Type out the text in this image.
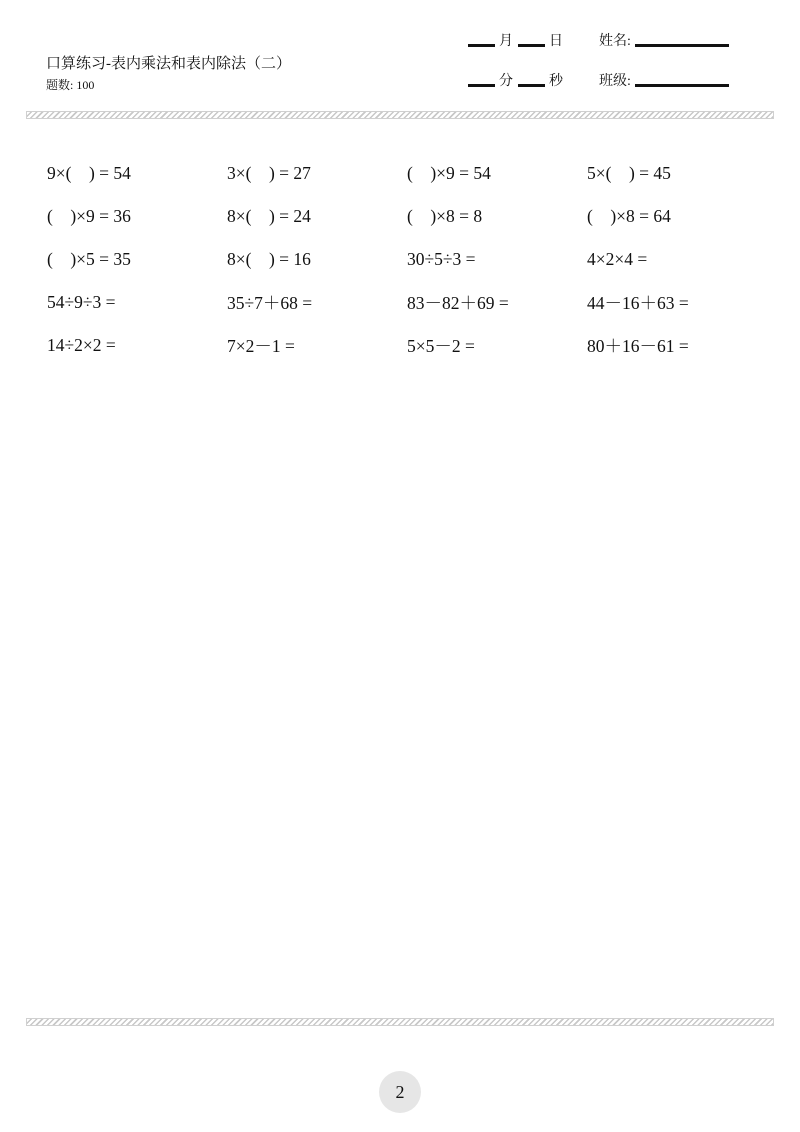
口算练习-表内乘法和表内除法（二）
题数: 100
月	日	姓名:
分	秒	班级:
9×(    ) = 54	3×(    ) = 27	(    )×9 = 54	5×(    ) = 45
(    )×9 = 36	8×(    ) = 24	(    )×8 = 8	(    )×8 = 64
(    )×5 = 35	8×(    ) = 16	30÷5÷3 =	4×2×4 =
54÷9÷3 =	35÷7＋68 =	83－82＋69 =	44－16＋63 =
14÷2×2 =	7×2－1 =	5×5－2 =	80＋16－61 =
2
